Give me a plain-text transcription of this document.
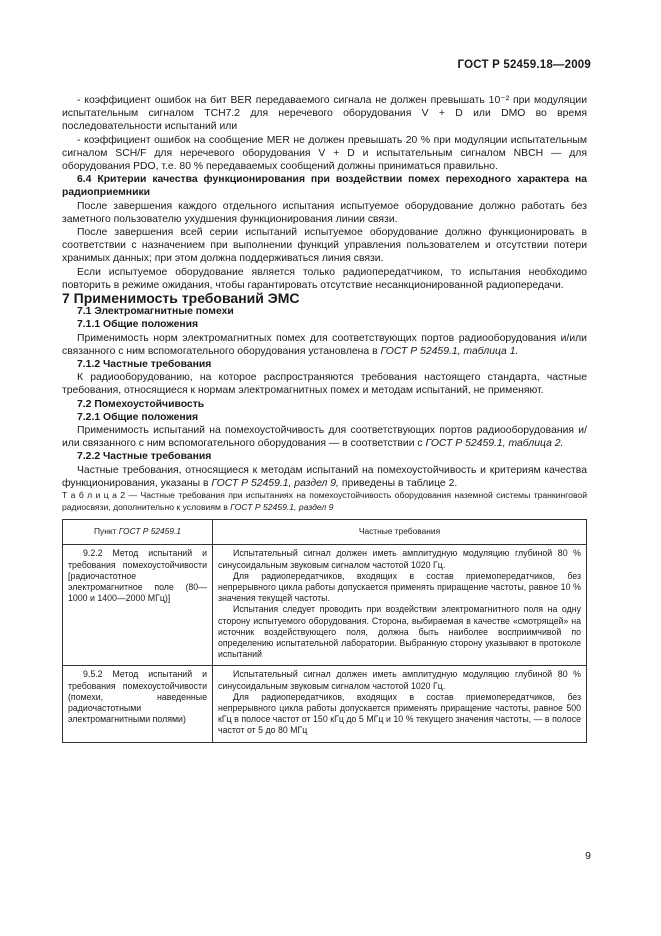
ГОСТ Р 52459.18—2009

- коэффициент ошибок на бит BER передаваемого сигнала не должен превышать 10⁻² при модуляции испытательным сигналом ТСН7.2 для неречевого оборудования V + D или DMO во время последовательности испытаний или

- коэффициент ошибок на сообщение MER не должен превышать 20 % при модуляции испытательным сигналом SCH/F для неречевого оборудования V + D и испытательным сигналом NBCH — для оборудования PDO, т.е. 80 % передаваемых сообщений должны приниматься правильно.

6.4 Критерии качества функционирования при воздействии помех переходного характера на радиоприемники

После завершения каждого отдельного испытания испытуемое оборудование должно работать без заметного пользователю ухудшения функционирования линии связи.

После завершения всей серии испытаний испытуемое оборудование должно функционировать в соответствии с назначением при выполнении функций управления пользователем и отсутствии потери хранимых данных; при этом должна поддерживаться линия связи.

Если испытуемое оборудование является только радиопередатчиком, то испытания необходимо повторить в режиме ожидания, чтобы гарантировать отсутствие несанкционированной радиопередачи.

7 Применимость требований ЭМС

7.1 Электромагнитные помехи

7.1.1 Общие положения

Применимость норм электромагнитных помех для соответствующих портов радиооборудования и/или связанного с ним вспомогательного оборудования установлена в ГОСТ Р 52459.1, таблица 1.

7.1.2 Частные требования

К радиооборудованию, на которое распространяются требования настоящего стандарта, частные требования, относящиеся к нормам электромагнитных помех и методам испытаний, не применяют.

7.2 Помехоустойчивость

7.2.1 Общие положения

Применимость испытаний на помехоустойчивость для соответствующих портов радиооборудования и/или связанного с ним вспомогательного оборудования — в соответствии с ГОСТ Р 52459.1, таблица 2.

7.2.2 Частные требования

Частные требования, относящиеся к методам испытаний на помехоустойчивость и критериям качества функционирования, указаны в ГОСТ Р 52459.1, раздел 9, приведены в таблице 2.

Т а б л и ц а 2 — Частные требования при испытаниях на помехоустойчивость оборудования наземной системы транкинговой радиосвязи, дополнительно к условиям в ГОСТ Р 52459.1, раздел 9

Пункт ГОСТ Р 52459.1	Частные требования

9.2.2 Метод испытаний и требования помехоустойчивости [радиочастотное электромагнитное поле (80—1000 и 1400—2000 МГц)]	Испытательный сигнал должен иметь амплитудную модуляцию глубиной 80 % синусоидальным звуковым сигналом частотой 1020 Гц.

Для радиопередатчиков, входящих в состав приемопередатчиков, без непрерывного цикла работы допускается применять приращение частоты, равное 10 % значения текущей частоты.

Испытания следует проводить при воздействии электромагнитного поля на одну сторону испытуемого оборудования. Сторона, выбираемая в качестве «смотрящей» на источник воздействующего поля, должна быть наиболее восприимчивой по определению испытательной лаборатории. Выбранную сторону указывают в протоколе испытаний

9.5.2 Метод испытаний и требования помехоустойчивости (помехи, наведенные радиочастотными электромагнитными полями)	Испытательный сигнал должен иметь амплитудную модуляцию глубиной 80 % синусоидальным звуковым сигналом частотой 1020 Гц.

Для радиопередатчиков, входящих в состав приемопередатчиков, без непрерывного цикла работы допускается применять приращение частоты, равное 500 кГц в полосе частот от 150 кГц до 5 МГц и 10 % текущего значения частоты, — в полосе частот от 5 до 80 МГц

9
